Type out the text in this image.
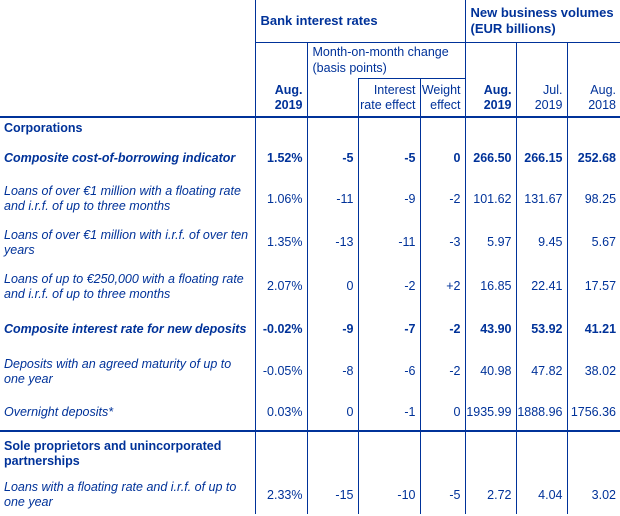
	Bank interest rates				New business volumes (EUR billions)		
	Aug. 2019	Month-on-month change (basis points)			Aug. 2019	Jul. 2019	Aug. 2018
			Interest rate effect	Weight effect			
Corporations							
Composite cost-of-borrowing indicator	1.52%	-5	-5	0	266.50	266.15	252.68
Loans of over €1 million with a floating rate and i.r.f. of up to three months	1.06%	-11	-9	-2	101.62	131.67	98.25
Loans of over €1 million with i.r.f. of over ten years	1.35%	-13	-11	-3	5.97	9.45	5.67
Loans of up to €250,000 with a floating rate and i.r.f. of up to three months	2.07%	0	-2	+2	16.85	22.41	17.57
Composite interest rate for new deposits	-0.02%	-9	-7	-2	43.90	53.92	41.21
Deposits with an agreed maturity of up to one year	-0.05%	-8	-6	-2	40.98	47.82	38.02
Overnight deposits*	0.03%	0	-1	0	1935.99	1888.96	1756.36
Sole proprietors and unincorporated partnerships							
Loans with a floating rate and i.r.f. of up to one year	2.33%	-15	-10	-5	2.72	4.04	3.02
